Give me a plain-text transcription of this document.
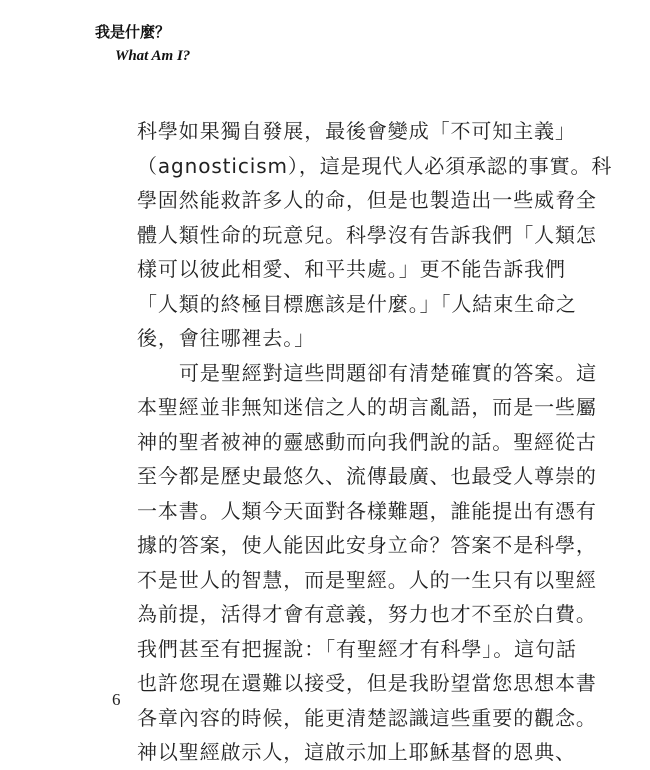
我是什麼？
What Am I?
科學如果獨自發展，最後會變成「不可知主義」
（agnosticism），這是現代人必須承認的事實。科
學固然能救許多人的命，但是也製造出一些威脅全
體人類性命的玩意兒。科學沒有告訴我們「人類怎
樣可以彼此相愛、和平共處。」更不能告訴我們
「人類的終極目標應該是什麼。」「人結束生命之
後，會往哪裡去。」
可是聖經對這些問題卻有清楚確實的答案。這
本聖經並非無知迷信之人的胡言亂語，而是一些屬
神的聖者被神的靈感動而向我們說的話。聖經從古
至今都是歷史最悠久、流傳最廣、也最受人尊崇的
一本書。人類今天面對各樣難題，誰能提出有憑有
據的答案，使人能因此安身立命？答案不是科學，
不是世人的智慧，而是聖經。人的一生只有以聖經
為前提，活得才會有意義，努力也才不至於白費。
我們甚至有把握說：「有聖經才有科學」。這句話
也許您現在還難以接受，但是我盼望當您思想本書
各章內容的時候，能更清楚認識這些重要的觀念。
神以聖經啟示人，這啟示加上耶穌基督的恩典、
6
